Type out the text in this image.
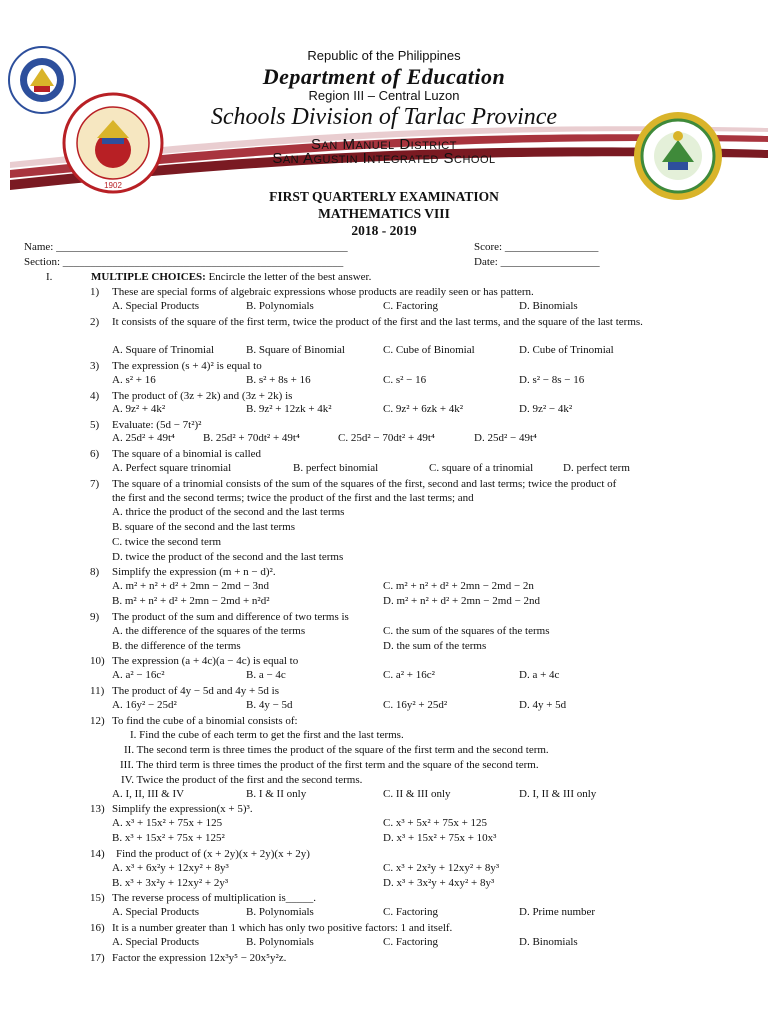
1902
Republic of the Philippines
Department of Education
Region III – Central Luzon
Schools Division of Tarlac Province
San Manuel District
San Agustin Integrated School
FIRST QUARTERLY EXAMINATION
MATHEMATICS VIII
2018 - 2019
Name: _____________________________________________________	Score: _________________
Section: ___________________________________________________	Date: __________________
I.	MULTIPLE CHOICES: Encircle the letter of the best answer.
1) These are special forms of algebraic expressions whose products are readily seen or has pattern.
A. Special Products	B. Polynomials	C. Factoring	D. Binomials
2) It consists of the square of the first term, twice the product of the first and the last terms, and the square of the last terms.
A. Square of Trinomial	B. Square of Binomial	C. Cube of Binomial	D. Cube of Trinomial
3) The expression (s + 4)² is equal to
A. s² + 16	B. s² + 8s + 16	C. s² − 16	D. s² − 8s − 16
4) The product of (3z + 2k) and (3z + 2k) is
A. 9z² + 4k²	B. 9z² + 12zk + 4k²	C. 9z² + 6zk + 4k²	D. 9z² − 4k²
5) Evaluate: (5d − 7t²)²
A. 25d² + 49t⁴	B. 25d² + 70dt² + 49t⁴	C. 25d² − 70dt² + 49t⁴	D. 25d² − 49t⁴
6) The square of a binomial is called
A. Perfect square trinomial	B. perfect binomial	C. square of a trinomial	D. perfect term
7) The square of a trinomial consists of the sum of the squares of the first, second and last terms; twice the product of
the first and the second terms; twice the product of the first and the last terms; and
A. thrice the product of the second and the last terms
B. square of the second and the last terms
C. twice the second term
D. twice the product of the second and the last terms
8) Simplify the expression (m + n − d)².
A. m² + n² + d² + 2mn − 2md − 3nd	C. m² + n² + d² + 2mn − 2md − 2n
B. m² + n² + d² + 2mn − 2md + n²d²	D. m² + n² + d² + 2mn − 2md − 2nd
9) The product of the sum and difference of two terms is
A. the difference of the squares of the terms	C. the sum of the squares of the terms
B. the difference of the terms	D. the sum of the terms
10) The expression (a + 4c)(a − 4c) is equal to
A. a² − 16c²	B. a − 4c	C. a² + 16c²	D. a + 4c
11) The product of 4y − 5d and 4y + 5d is
A. 16y² − 25d²	B. 4y − 5d	C. 16y² + 25d²	D. 4y + 5d
12) To find the cube of a binomial consists of:
I. Find the cube of each term to get the first and the last terms.
II. The second term is three times the product of the square of the first term and the second term.
III. The third term is three times the product of the first term and the square of the second term.
IV. Twice the product of the first and the second terms.
A. I, II, III & IV	B. I & II only	C. II & III only	D. I, II & III only
13) Simplify the expression(x + 5)³.
A. x³ + 15x² + 75x + 125	C. x³ + 5x² + 75x + 125
B. x³ + 15x² + 75x + 125²	D. x³ + 15x² + 75x + 10x³
14) Find the product of (x + 2y)(x + 2y)(x + 2y)
A. x³ + 6x²y + 12xy² + 8y³	C. x³ + 2x²y + 12xy² + 8y³
B. x³ + 3x²y + 12xy² + 2y³	D. x³ + 3x²y + 4xy² + 8y³
15) The reverse process of multiplication is_____.
A. Special Products	B. Polynomials	C. Factoring	D. Prime number
16) It is a number greater than 1 which has only two positive factors: 1 and itself.
A. Special Products	B. Polynomials	C. Factoring	D. Binomials
17) Factor the expression 12x³y⁵ − 20x⁵y²z.
